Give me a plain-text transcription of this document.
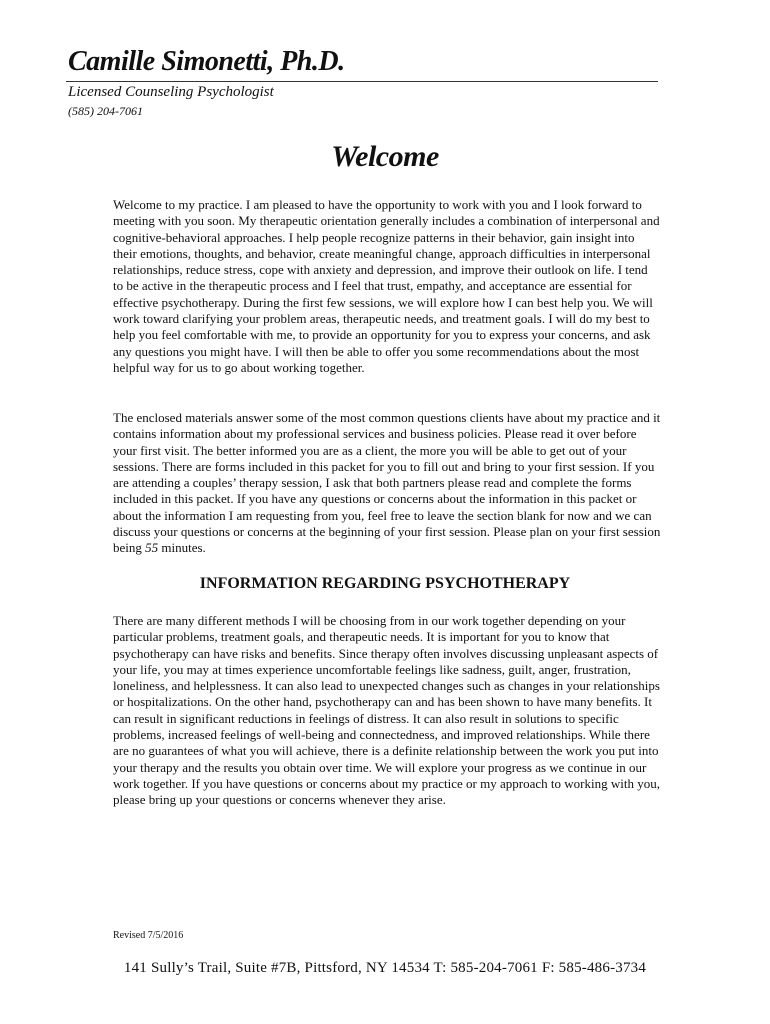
Camille Simonetti, Ph.D.
Licensed Counseling Psychologist
(585) 204-7061
Welcome
Welcome to my practice. I am pleased to have the opportunity to work with you and I look forward to meeting with you soon. My therapeutic orientation generally includes a combination of interpersonal and cognitive-behavioral approaches. I help people recognize patterns in their behavior, gain insight into their emotions, thoughts, and behavior, create meaningful change, approach difficulties in interpersonal relationships, reduce stress, cope with anxiety and depression, and improve their outlook on life. I tend to be active in the therapeutic process and I feel that trust, empathy, and acceptance are essential for effective psychotherapy. During the first few sessions, we will explore how I can best help you. We will work toward clarifying your problem areas, therapeutic needs, and treatment goals. I will do my best to help you feel comfortable with me, to provide an opportunity for you to express your concerns, and ask any questions you might have. I will then be able to offer you some recommendations about the most helpful way for us to go about working together.
The enclosed materials answer some of the most common questions clients have about my practice and it contains information about my professional services and business policies. Please read it over before your first visit. The better informed you are as a client, the more you will be able to get out of your sessions. There are forms included in this packet for you to fill out and bring to your first session. If you are attending a couples’ therapy session, I ask that both partners please read and complete the forms included in this packet. If you have any questions or concerns about the information in this packet or about the information I am requesting from you, feel free to leave the section blank for now and we can discuss your questions or concerns at the beginning of your first session. Please plan on your first session being 55 minutes.
INFORMATION REGARDING PSYCHOTHERAPY
There are many different methods I will be choosing from in our work together depending on your particular problems, treatment goals, and therapeutic needs. It is important for you to know that psychotherapy can have risks and benefits. Since therapy often involves discussing unpleasant aspects of your life, you may at times experience uncomfortable feelings like sadness, guilt, anger, frustration, loneliness, and helplessness. It can also lead to unexpected changes such as changes in your relationships or hospitalizations. On the other hand, psychotherapy can and has been shown to have many benefits. It can result in significant reductions in feelings of distress. It can also result in solutions to specific problems, increased feelings of well-being and connectedness, and improved relationships. While there are no guarantees of what you will achieve, there is a definite relationship between the work you put into your therapy and the results you obtain over time. We will explore your progress as we continue in our work together. If you have questions or concerns about my practice or my approach to working with you, please bring up your questions or concerns whenever they arise.
Revised 7/5/2016
141 Sully’s Trail, Suite #7B, Pittsford, NY 14534 T: 585-204-7061 F: 585-486-3734
